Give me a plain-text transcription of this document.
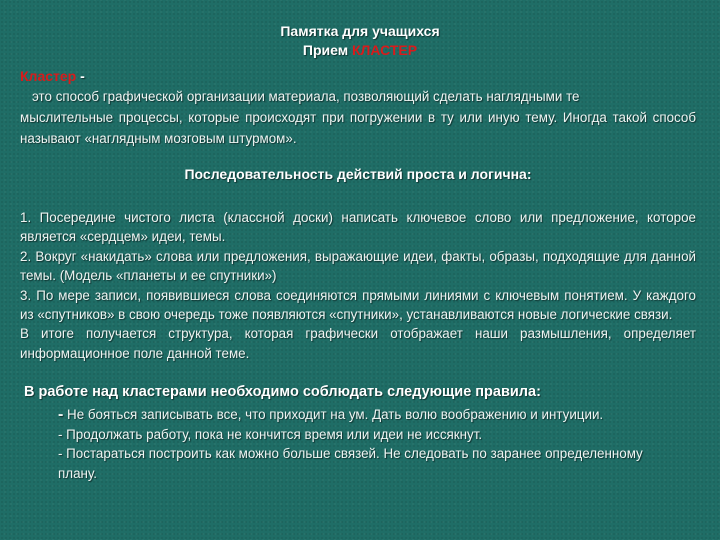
Памятка для учащихся
Прием КЛАСТЕР
Кластер -
это способ графической организации материала, позволяющий сделать наглядными те
мыслительные процессы, которые происходят при погружении в ту или иную тему. Иногда такой способ называют «наглядным мозговым штурмом».
Последовательность действий проста и логична:

1. Посередине чистого листа (классной доски) написать ключевое слово или предложение, которое является «сердцем» идеи, темы.

2. Вокруг «накидать» слова или предложения, выражающие идеи, факты, образы, подходящие для данной темы. (Модель «планеты и ее спутники»)

3. По мере записи, появившиеся слова соединяются прямыми линиями с ключевым понятием. У каждого из «спутников» в свою очередь тоже появляются «спутники», устанавливаются новые логические связи.

В итоге получается структура, которая графически отображает наши размышления, определяет информационное поле данной теме.

В работе над кластерами необходимо соблюдать следующие правила:

- Не бояться записывать все, что приходит на ум. Дать волю воображению и интуиции.

- Продолжать работу, пока не кончится время или идеи не иссякнут.

- Постараться построить как можно больше связей. Не следовать по заранее определенному плану.
